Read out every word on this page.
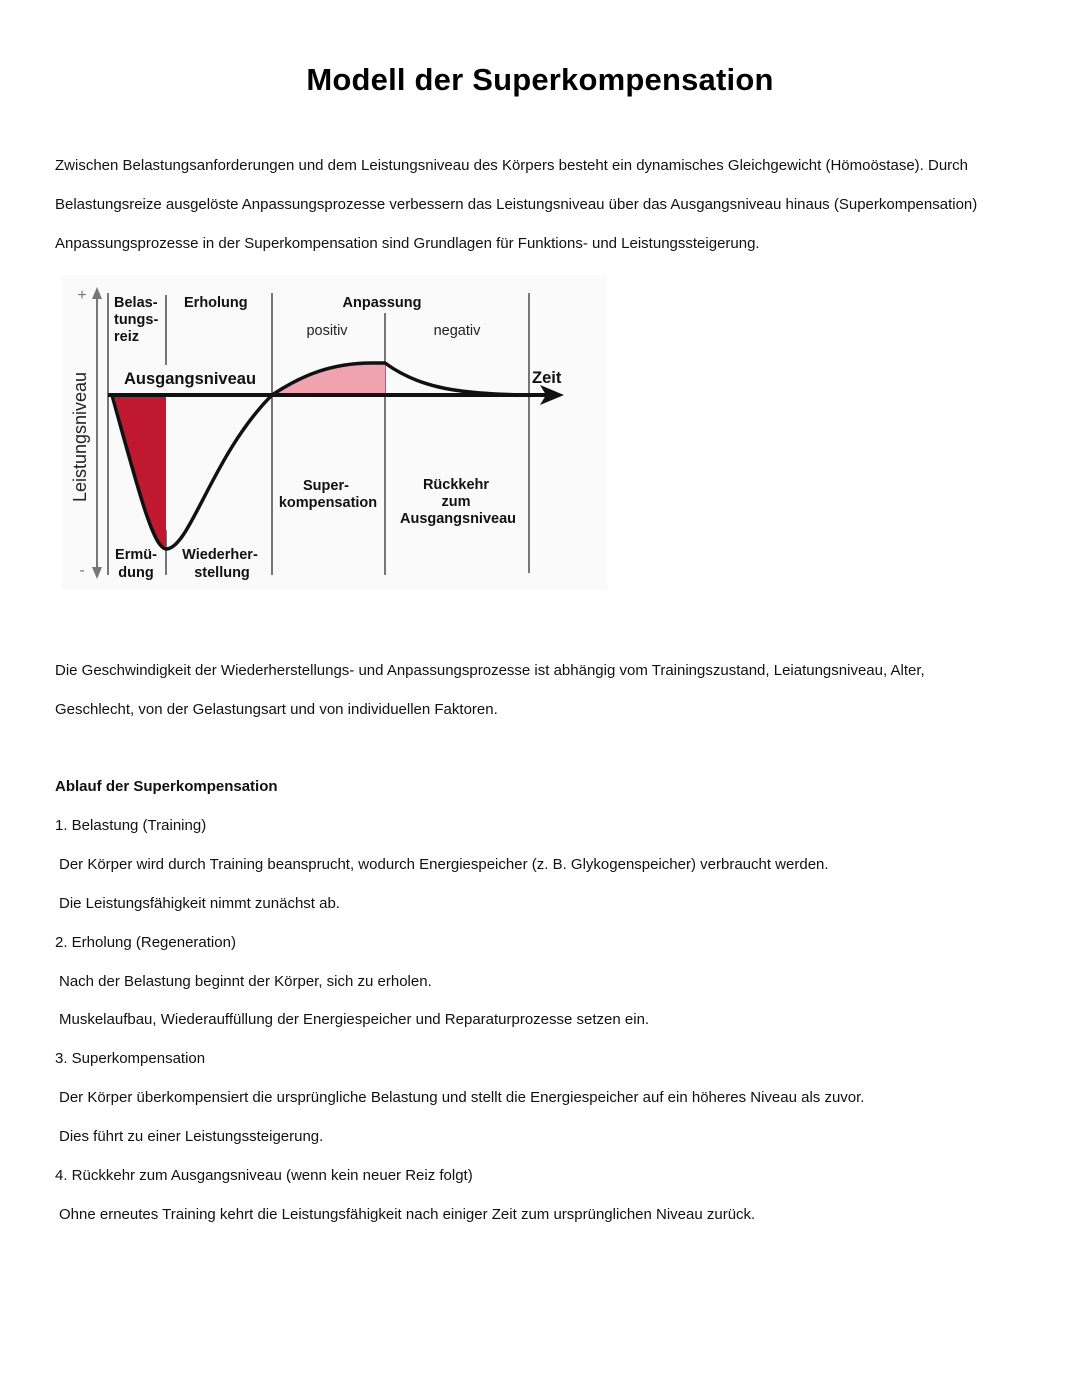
Modell der Superkompensation
Zwischen Belastungsanforderungen und dem Leistungsniveau des Körpers besteht ein dynamisches Gleichgewicht (Hömoöstase). Durch
Belastungsreize ausgelöste Anpassungsprozesse verbessern das Leistungsniveau über das Ausgangsniveau hinaus (Superkompensation)
Anpassungsprozesse in der Superkompensation sind Grundlagen für Funktions- und Leistungssteigerung.
+
-
Leistungsniveau
Belas- tungs- reiz
Erholung	Anpassung
positiv	negativ
Ausgangsniveau	Zeit
Ermü- dung
Wiederher- stellung
Super- kompensation
Rückkehr zum Ausgangsniveau
Die Geschwindigkeit der Wiederherstellungs- und Anpassungsprozesse ist abhängig vom Trainingszustand, Leiatungsniveau, Alter,
Geschlecht, von der Gelastungsart und von individuellen Faktoren.
Ablauf der Superkompensation
1. Belastung (Training)
Der Körper wird durch Training beansprucht, wodurch Energiespeicher (z. B. Glykogenspeicher) verbraucht werden.
Die Leistungsfähigkeit nimmt zunächst ab.
2. Erholung (Regeneration)
Nach der Belastung beginnt der Körper, sich zu erholen.
Muskelaufbau, Wiederauffüllung der Energiespeicher und Reparaturprozesse setzen ein.
3. Superkompensation
Der Körper überkompensiert die ursprüngliche Belastung und stellt die Energiespeicher auf ein höheres Niveau als zuvor.
Dies führt zu einer Leistungssteigerung.
4. Rückkehr zum Ausgangsniveau (wenn kein neuer Reiz folgt)
Ohne erneutes Training kehrt die Leistungsfähigkeit nach einiger Zeit zum ursprünglichen Niveau zurück.
